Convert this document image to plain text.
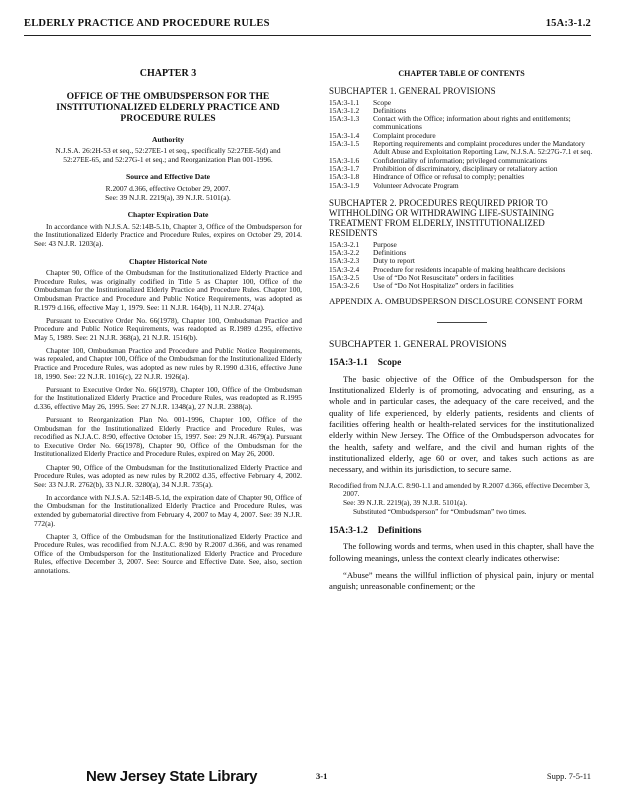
ELDERLY PRACTICE AND PROCEDURE RULES	15A:3-1.2
CHAPTER 3
OFFICE OF THE OMBUDSPERSON FOR THE INSTITUTIONALIZED ELDERLY PRACTICE AND PROCEDURE RULES
Authority
N.J.S.A. 26:2H-53 et seq., 52:27EE-1 et seq., specifically 52:27EE-5(d) and 52:27EE-65, and 52:27G-1 et seq.; and Reorganization Plan 001-1996.
Source and Effective Date
R.2007 d.366, effective October 29, 2007.
See: 39 N.J.R. 2219(a), 39 N.J.R. 5101(a).
Chapter Expiration Date

In accordance with N.J.S.A. 52:14B-5.1b, Chapter 3, Office of the Ombudsperson for the Institutionalized Elderly Practice and Procedure Rules, expires on October 29, 2014. See: 43 N.J.R. 1203(a).

Chapter Historical Note

Chapter 90, Office of the Ombudsman for the Institutionalized Elderly Practice and Procedure Rules, was originally codified in Title 5 as Chapter 100, Office of the Ombudsman for the Institutionalized Elderly Practice and Procedure Rules. Chapter 100, Ombudsman Practice and Procedure and Public Notice Requirements, was adopted as R.1979 d.166, effective May 1, 1979. See: 11 N.J.R. 164(b), 11 N.J.R. 274(a).

Pursuant to Executive Order No. 66(1978), Chapter 100, Ombudsman Practice and Procedure and Public Notice Requirements, was readopted as R.1989 d.295, effective May 5, 1989. See: 21 N.J.R. 368(a), 21 N.J.R. 1516(b).

Chapter 100, Ombudsman Practice and Procedure and Public Notice Requirements, was repealed, and Chapter 100, Office of the Ombudsman for the Institutionalized Elderly Practice and Procedure Rules, was adopted as new rules by R.1990 d.316, effective June 18, 1990. See: 22 N.J.R. 1016(c), 22 N.J.R. 1926(a).

Pursuant to Executive Order No. 66(1978), Chapter 100, Office of the Ombudsman for the Institutionalized Elderly Practice and Procedure Rules, was readopted as R.1995 d.336, effective May 26, 1995. See: 27 N.J.R. 1348(a), 27 N.J.R. 2388(a).

Pursuant to Reorganization Plan No. 001-1996, Chapter 100, Office of the Ombudsman for the Institutionalized Elderly Practice and Procedure Rules, was recodified as N.J.A.C. 8:90, effective October 15, 1997. See: 29 N.J.R. 4679(a). Pursuant to Executive Order No. 66(1978), Chapter 90, Office of the Ombudsman for the Institutionalized Elderly Practice and Procedure Rules, expired on May 26, 2000.

Chapter 90, Office of the Ombudsman for the Institutionalized Elderly Practice and Procedure Rules, was adopted as new rules by R.2002 d.35, effective February 4, 2002. See: 33 N.J.R. 2762(b), 33 N.J.R. 3280(a), 34 N.J.R. 735(a).

In accordance with N.J.S.A. 52:14B-5.1d, the expiration date of Chapter 90, Office of the Ombudsman for the Institutionalized Elderly Practice and Procedure Rules, was extended by gubernatorial directive from February 4, 2007 to May 4, 2007. See: 39 N.J.R. 772(a).

Chapter 3, Office of the Ombudsman for the Institutionalized Elderly Practice and Procedure Rules, was recodified from N.J.A.C. 8:90 by R.2007 d.366, and was renamed Office of the Ombudsperson for the Institutionalized Elderly Practice and Procedure Rules, effective December 3, 2007. See: Source and Effective Date. See, also, section annotations.

CHAPTER TABLE OF CONTENTS
SUBCHAPTER 1. GENERAL PROVISIONS
15A:3-1.1	Scope
15A:3-1.2	Definitions
15A:3-1.3	Contact with the Office; information about rights and entitlements; communications
15A:3-1.4	Complaint procedure
15A:3-1.5	Reporting requirements and complaint procedures under the Mandatory Adult Abuse and Exploitation Reporting Law, N.J.S.A. 52:27G-7.1 et seq.
15A:3-1.6	Confidentiality of information; privileged communications
15A:3-1.7	Prohibition of discriminatory, disciplinary or retaliatory action
15A:3-1.8	Hindrance of Office or refusal to comply; penalties
15A:3-1.9	Volunteer Advocate Program
SUBCHAPTER 2. PROCEDURES REQUIRED PRIOR TO WITHHOLDING OR WITHDRAWING LIFE-SUSTAINING TREATMENT FROM ELDERLY, INSTITUTIONALIZED RESIDENTS
15A:3-2.1	Purpose
15A:3-2.2	Definitions
15A:3-2.3	Duty to report
15A:3-2.4	Procedure for residents incapable of making healthcare decisions
15A:3-2.5	Use of “Do Not Resuscitate” orders in facilities
15A:3-2.6	Use of “Do Not Hospitalize” orders in facilities
APPENDIX A. OMBUDSPERSON DISCLOSURE CONSENT FORM
SUBCHAPTER 1. GENERAL PROVISIONS
15A:3-1.1 Scope
The basic objective of the Office of the Ombudsperson for the Institutionalized Elderly is of promoting, advocating and ensuring, as a whole and in particular cases, the adequacy of the care received, and the quality of life experienced, by elderly patients, residents and clients of facilities offering health or health-related services for the institutionalized elderly within New Jersey. The Office of the Ombudsperson advocates for the health, safety and welfare, and the civil and human rights of the institutionalized elderly, age 60 or over, and takes such actions as are necessary, and within its jurisdiction, to secure same.
Recodified from N.J.A.C. 8:90-1.1 and amended by R.2007 d.366, effective December 3, 2007.
See: 39 N.J.R. 2219(a), 39 N.J.R. 5101(a).
Substituted “Ombudsperson” for “Ombudsman” two times.
15A:3-1.2 Definitions
The following words and terms, when used in this chapter, shall have the following meanings, unless the context clearly indicates otherwise:
“Abuse” means the willful infliction of physical pain, injury or mental anguish; unreasonable confinement; or the
New Jersey State Library	3-1	Supp. 7-5-11
